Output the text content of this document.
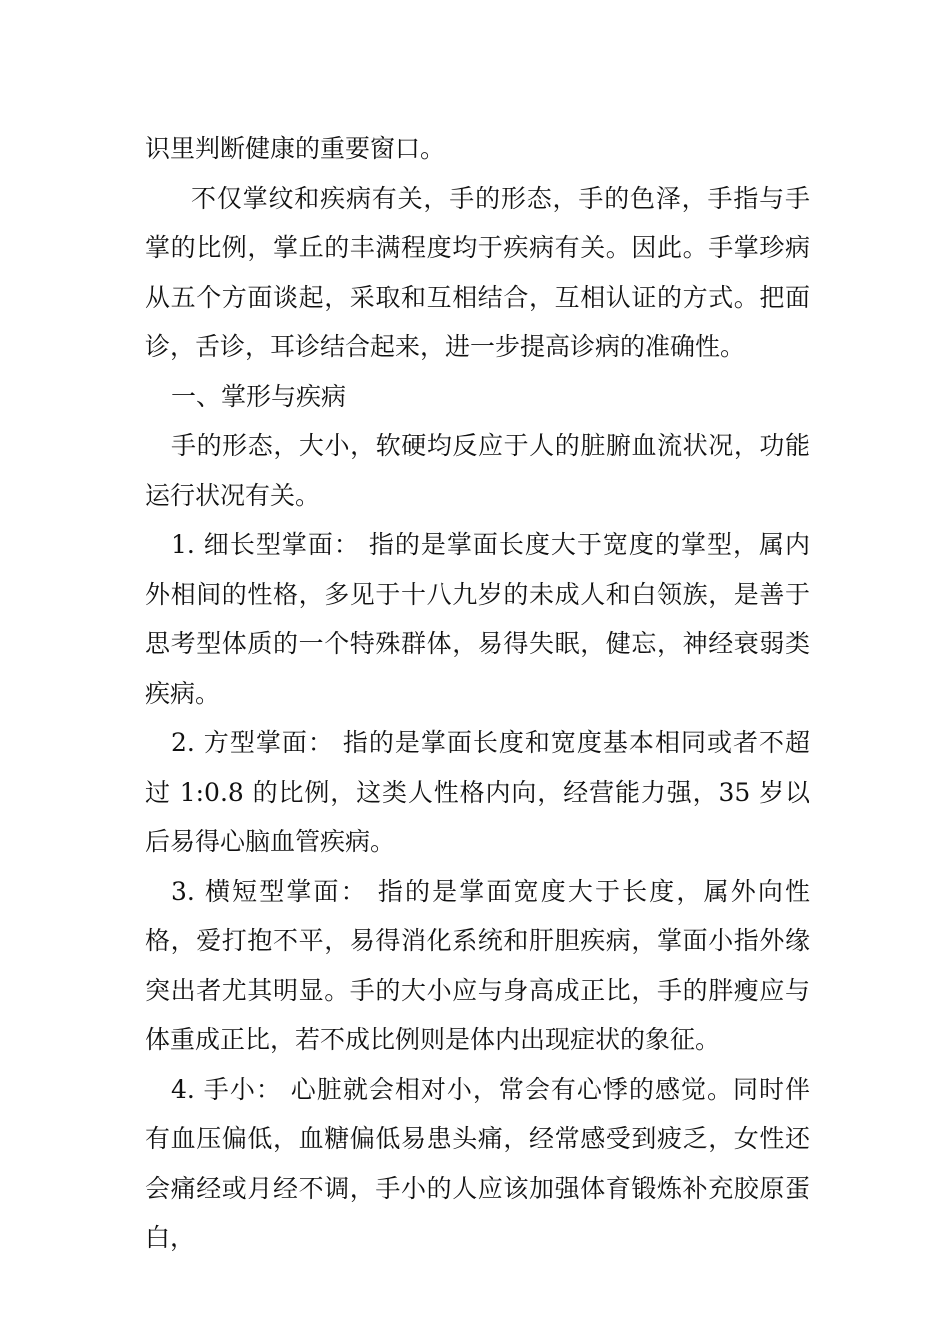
识里判断健康的重要窗口。

不仅掌纹和疾病有关，手的形态，手的色泽，手指与手掌的比例，掌丘的丰满程度均于疾病有关。因此。手掌珍病从五个方面谈起，采取和互相结合，互相认证的方式。把面诊，舌诊，耳诊结合起来，进一步提高诊病的准确性。

一、掌形与疾病

手的形态，大小，软硬均反应于人的脏腑血流状况，功能运行状况有关。

1. 细长型掌面： 指的是掌面长度大于宽度的掌型，属内外相间的性格，多见于十八九岁的未成人和白领族，是善于思考型体质的一个特殊群体，易得失眠，健忘，神经衰弱类疾病。

2. 方型掌面： 指的是掌面长度和宽度基本相同或者不超过 1:0.8 的比例，这类人性格内向，经营能力强，35 岁以后易得心脑血管疾病。

3. 横短型掌面： 指的是掌面宽度大于长度，属外向性格，爱打抱不平，易得消化系统和肝胆疾病，掌面小指外缘突出者尤其明显。手的大小应与身高成正比，手的胖瘦应与体重成正比，若不成比例则是体内出现症状的象征。

4. 手小： 心脏就会相对小，常会有心悸的感觉。同时伴有血压偏低，血糖偏低易患头痛，经常感受到疲乏，女性还会痛经或月经不调，手小的人应该加强体育锻炼补充胶原蛋白，
